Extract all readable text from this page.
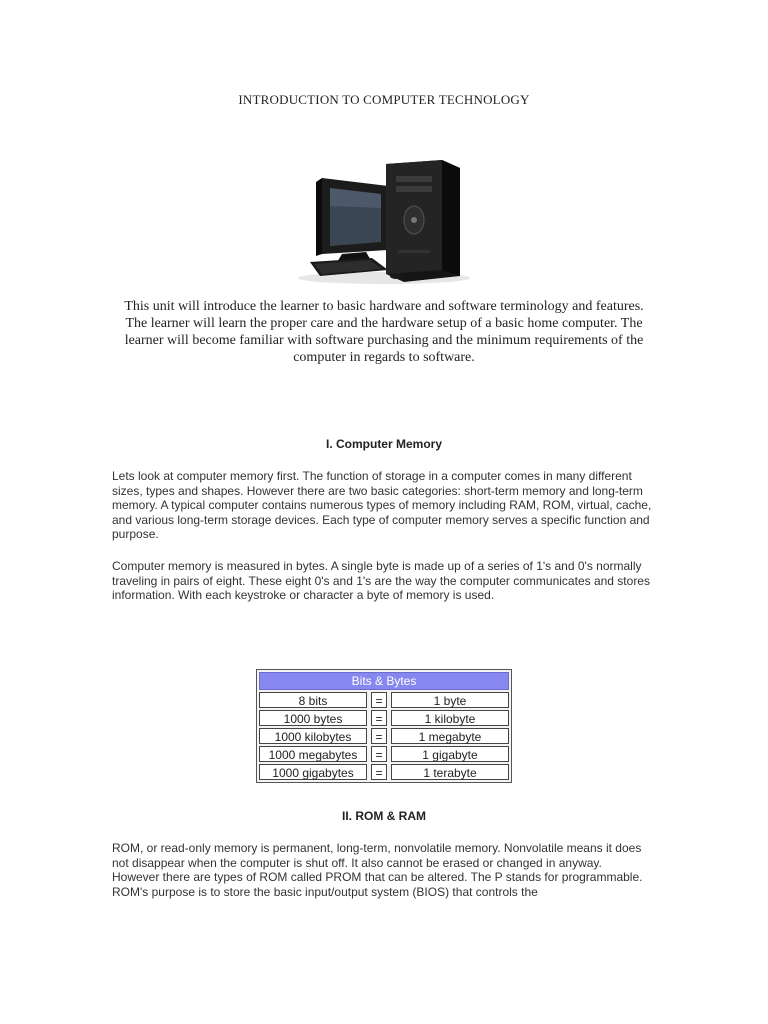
INTRODUCTION TO COMPUTER TECHNOLOGY

This unit will introduce the learner to basic hardware and software terminology and features. The learner will learn the proper care and the hardware setup of a basic home computer. The learner will become familiar with software purchasing and the minimum requirements of the computer in regards to software.

I. Computer Memory

Lets look at computer memory first. The function of storage in a computer comes in many different sizes, types and shapes. However there are two basic categories: short-term memory and long-term memory. A typical computer contains numerous types of memory including RAM, ROM, virtual, cache, and various long-term storage devices. Each type of computer memory serves a specific function and purpose.

Computer memory is measured in bytes. A single byte is made up of a series of 1's and 0's normally traveling in pairs of eight. These eight 0's and 1's are the way the computer communicates and stores information. With each keystroke or character a byte of memory is used.

Bits & Bytes
8 bits	=	1 byte
1000 bytes	=	1 kilobyte
1000 kilobytes	=	1 megabyte
1000 megabytes	=	1 gigabyte
1000 gigabytes	=	1 terabyte
II. ROM & RAM

ROM, or read-only memory is permanent, long-term, nonvolatile memory. Nonvolatile means it does not disappear when the computer is shut off. It also cannot be erased or changed in anyway. However there are types of ROM called PROM that can be altered. The P stands for programmable. ROM's purpose is to store the basic input/output system (BIOS) that controls the
